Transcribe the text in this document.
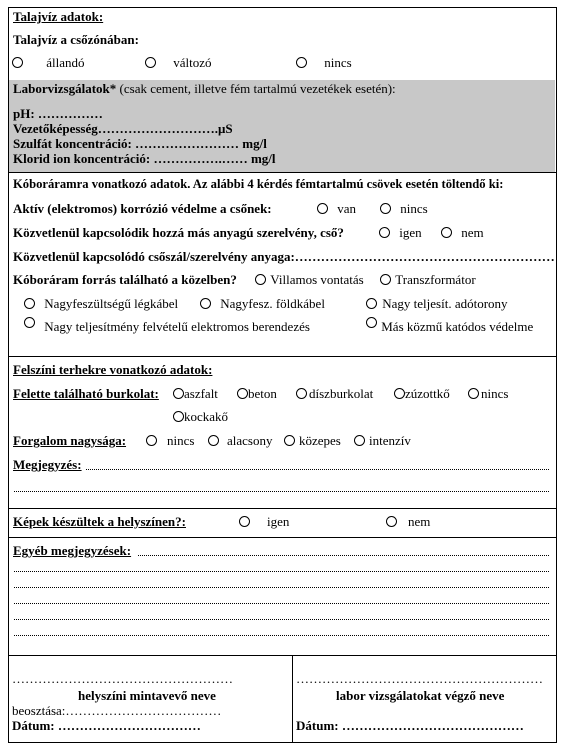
Talajvíz adatok:
Talajvíz a csőzónában:
állandó	változó	nincs
Laborvizsgálatok* (csak cement, illetve fém tartalmú vezetékek esetén):
pH: ……………
Vezetőképesség……………………….μS
Szulfát koncentráció: …………………… mg/l
Klorid ion koncentráció: …………….…… mg/l
Kóboráramra vonatkozó adatok. Az alábbi 4 kérdés fémtartalmú csövek esetén töltendő ki:
Aktív (elektromos) korrózió védelme a csőnek:	van	nincs
Közvetlenül kapcsolódik hozzá más anyagú szerelvény, cső?	igen	nem
Közvetlenül kapcsolódó csőszál/szerelvény anyaga:……………………………………………………
Kóboráram forrás található a közelben?	Villamos vontatás	Transzformátor
Nagyfeszültségű légkábel	Nagyfesz. földkábel	Nagy teljesít. adótorony
Nagy teljesítmény felvételű elektromos berendezés	Más közmű katódos védelme
Felszíni terhekre vonatkozó adatok:
Felette található burkolat:	aszfalt	beton	díszburkolat	zúzottkő	nincs
kockakő
Forgalom nagysága:	nincs	alacsony	közepes	intenzív
Megjegyzés:
Képek készültek a helyszínen?:	igen	nem
Egyéb megjegyzések:
……………………………………………
helyszíni mintavevő neve
beosztása:………………………………
Dátum: ……………………………
…………………………………………………
labor vizsgálatokat végző neve
Dátum: ……………………………………
